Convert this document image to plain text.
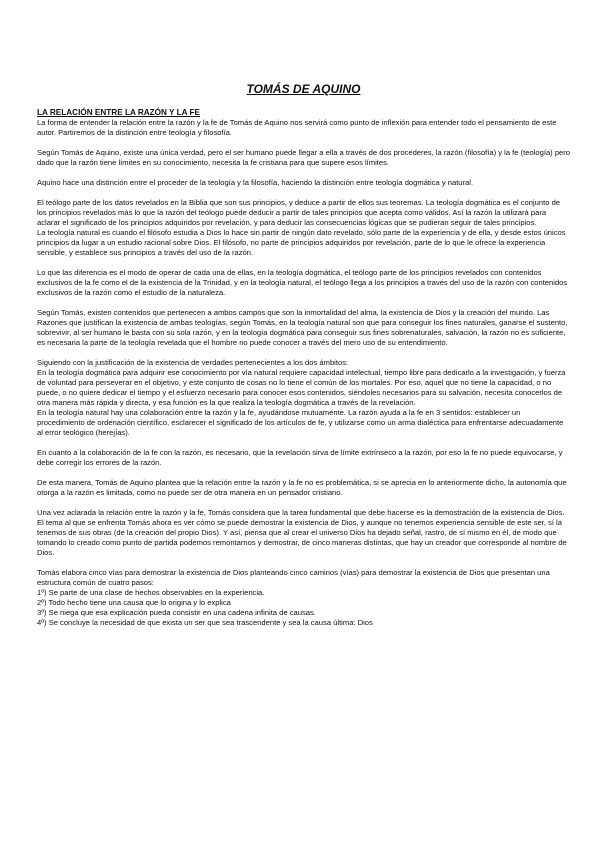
TOMÁS DE AQUINO
LA RELACIÓN ENTRE LA RAZÓN Y LA FE

La forma de entender la relación entre la razón y la fe de Tomás de Aquino nos servirá como punto de inflexión para entender todo el pensamiento de este autor. Partiremos de la distinción entre teología y filosofía.

Según Tomás de Aquino, existe una única verdad, pero el ser humano puede llegar a ella a través de dos procederes, la razón (filosofía) y la fe (teología) pero dado que la razón tiene límites en su conocimiento, necesita la fe cristiana para que supere esos límites.

Aquino hace una distinción entre el proceder de la teología y la filosofía, haciendo la distinción entre teología dogmática y natural.

El teólogo parte de los datos revelados en la Biblia que son sus principios, y deduce a partir de ellos sus teoremas. La teología dogmática es el conjunto de los principios revelados más lo que la razón del teólogo puede deducir a partir de tales principios que acepta como válidos. Así la razón la utilizará para aclarar el significado de los principios adquiridos por revelación, y para deducir las consecuencias lógicas que se pudieran seguir de tales principios.

La teología natural es cuando el filósofo estudia a Dios lo hace sin partir de ningún dato revelado, sólo parte de la experiencia y de ella, y desde estos únicos principios da lugar a un estudio racional sobre Dios. El filósofo, no parte de principios adquiridos por revelación, parte de lo que le ofrece la experiencia sensible, y establece sus principios a través del uso de la razón.

Lo que las diferencia es el modo de operar de cada una de ellas, en la teología dogmática, el teólogo parte de los principios revelados con contenidos exclusivos de la fe como el de la existencia de la Trinidad, y en la teología natural, el teólogo llega a los principios a través del uso de la razón con contenidos exclusivos de la razón como el estudio de la naturaleza.

Según Tomás, existen contenidos que pertenecen a ambos campos que son la inmortalidad del alma, la existencia de Dios y la creación del mundo. Las Razones que justifican la existencia de ambas teologías, según Tomás, en la teología natural son que para conseguir los fines naturales, ganarse el sustento, sobrevivir, al ser humano le basta con su sola razón, y en la teología dogmática para conseguir sus fines sobrenaturales, salvación, la razón no es suficiente, es necesaria la parte de la teología revelada que el hombre no puede conocer a través del mero uso de su entendimiento.

Siguiendo con la justificación de la existencia de verdades pertenecientes a los dos ámbitos:

En la teología dogmática para adquirir ese conocimiento por vía natural requiere capacidad intelectual, tiempo libre para dedicarlo a la investigación, y fuerza de voluntad para perseverar en el objetivo, y este conjunto de cosas no lo tiene el común de los mortales. Por eso, aquel que no tiene la capacidad, o no puede, o no quiere dedicar el tiempo y el esfuerzo necesario para conocer esos contenidos, siéndoles necesarios para su salvación, necesita conocerlos de otra manera más rápida y directa, y esa función es la que realiza la teología dogmática a través de la revelación.

En la teología natural hay una colaboración entre la razón y la fe, ayudándose mutuamente. La razón ayuda a la fe en 3 sentidos: establecer un procedimiento de ordenación científico, esclarecer el significado de los artículos de fe, y utilizarse como un arma dialéctica para enfrentarse adecuadamente al error teológico (herejías).

En cuanto a la colaboración de la fe con la razón, es necesario, que la revelación sirva de límite extrínseco a la razón, por eso la fe no puede equivocarse, y debe corregir los errores de la razón.

De esta manera, Tomás de Aquino plantea que la relación entre la razón y la fe no es problemática, si se aprecia en lo anteriormente dicho, la autonomía que otorga a la razón es limitada, como no puede ser de otra manera en un pensador cristiano.

Una vez aclarada la relación entre la razón y la fe, Tomás considera que la tarea fundamental que debe hacerse es la demostración de la existencia de Dios. El tema al que se enfrenta Tomás ahora es ver cómo se puede demostrar la existencia de Dios, y aunque no tenemos experiencia sensible de este ser, sí la tenemos de sus obras (de la creación del propio Dios). Y así, piensa que al crear el universo Dios ha dejado señal, rastro, de sí mismo en él, de modo que tomando lo creado como punto de partida podemos remontarnos y demostrar, de cinco maneras distintas, que hay un creador que corresponde al nombre de Dios.

Tomás elabora cinco vías para demostrar la existencia de Dios planteando cinco caminos (vías) para demostrar la existencia de Dios que presentan una estructura común de cuatro pasos:

1º) Se parte de una clase de hechos observables en la experiencia.

2º) Todo hecho tiene una causa que lo origina y lo explica

3º) Se niega que esa explicación pueda consistir en una cadena infinita de causas.

4º) Se concluye la necesidad de que exista un ser que sea trascendente y sea la causa última: Dios
